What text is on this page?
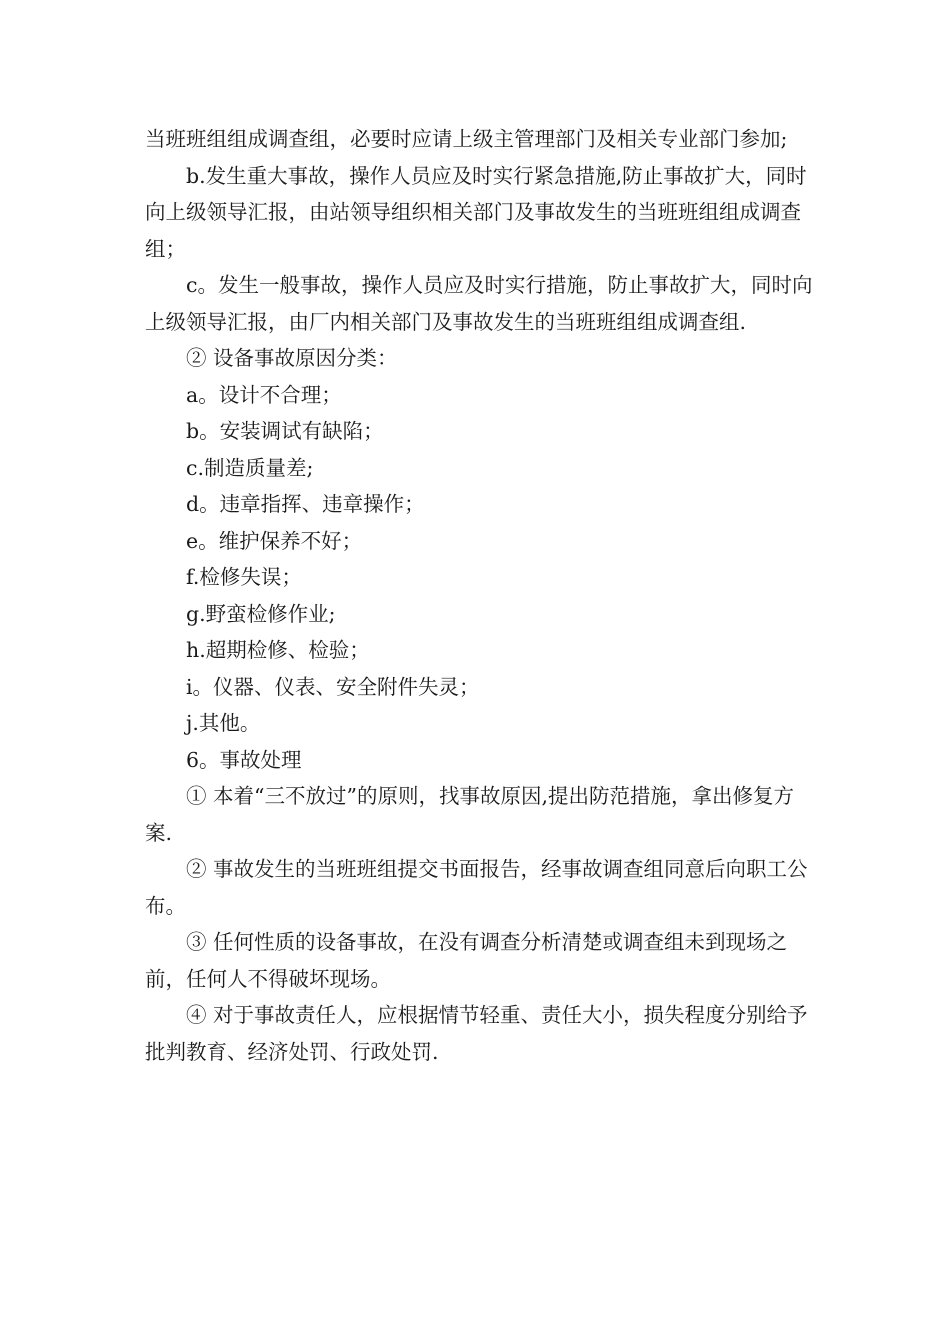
当班班组组成调查组，必要时应请上级主管理部门及相关专业部门参加;

b.发生重大事故，操作人员应及时实行紧急措施,防止事故扩大，同时向上级领导汇报，由站领导组织相关部门及事故发生的当班班组组成调查组；

c。发生一般事故，操作人员应及时实行措施，防止事故扩大，同时向上级领导汇报，由厂内相关部门及事故发生的当班班组组成调查组.

② 设备事故原因分类：

a。设计不合理；

b。安装调试有缺陷；

c.制造质量差;

d。违章指挥、违章操作；

e。维护保养不好；

f.检修失误；

g.野蛮检修作业;

h.超期检修、检验；

i。仪器、仪表、安全附件失灵；

j.其他。

6。事故处理

① 本着“三不放过”的原则，找事故原因,提出防范措施，拿出修复方案.

② 事故发生的当班班组提交书面报告，经事故调查组同意后向职工公布。

③ 任何性质的设备事故，在没有调查分析清楚或调查组未到现场之前，任何人不得破坏现场。

④ 对于事故责任人，应根据情节轻重、责任大小，损失程度分别给予批判教育、经济处罚、行政处罚.
